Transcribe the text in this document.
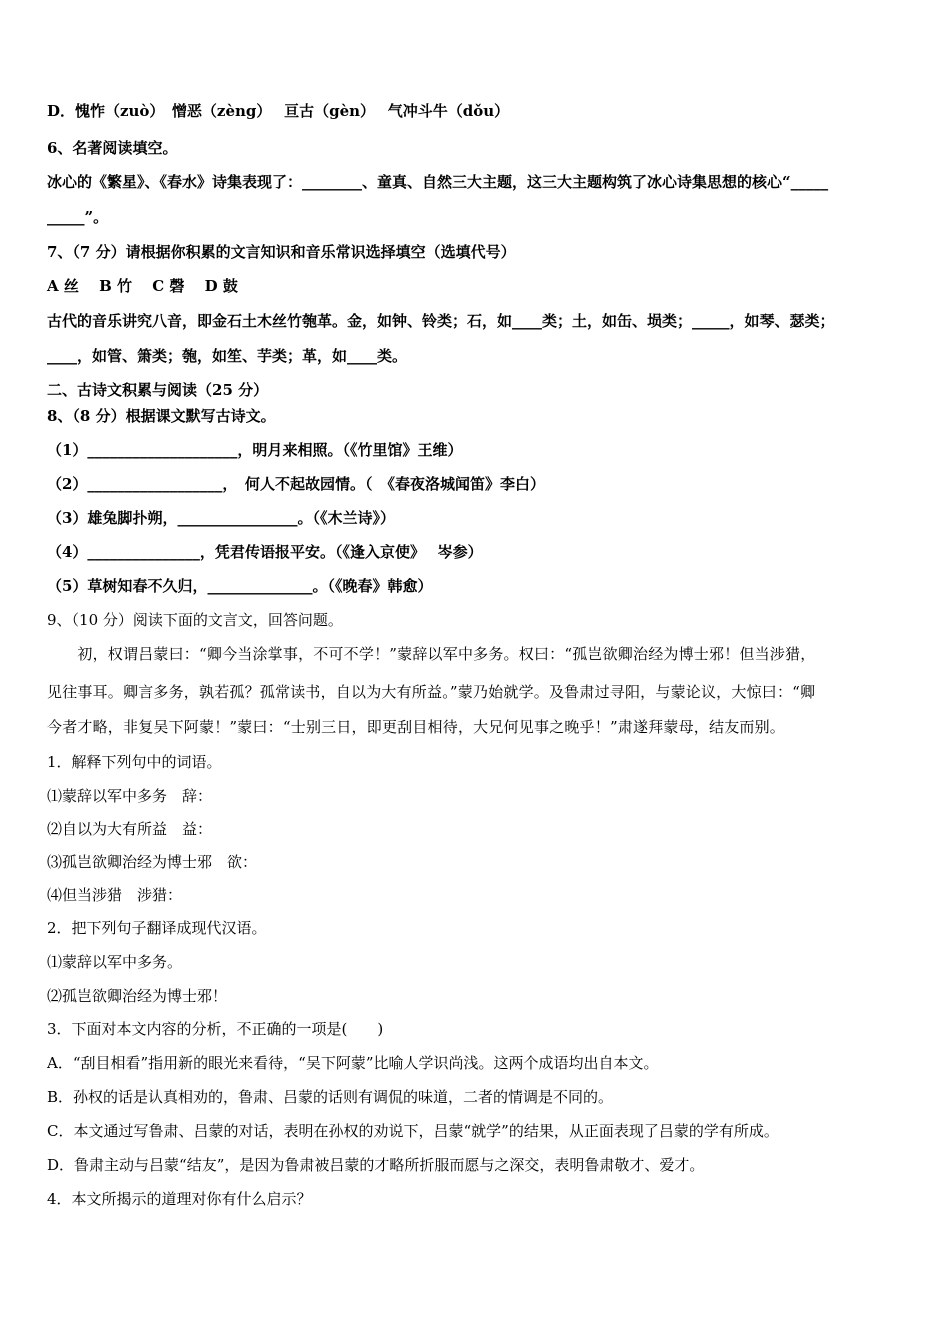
D．愧怍（zuò）　憎恶（zèng）　 亘古（gèn）　 气冲斗牛（dǒu）
6、名著阅读填空。
冰心的《繁星》、《春水》诗集表现了：________、童真、自然三大主题，这三大主题构筑了冰心诗集思想的核心“_____
_____”。
7、（7 分）请根据你积累的文言知识和音乐常识选择填空（选填代号）
A 丝　 B 竹　 C 磬　 D 鼓
古代的音乐讲究八音，即金石土木丝竹匏革。金，如钟、铃类；石，如____类；土，如缶、埙类；_____，如琴、瑟类；
____，如管、箫类；匏，如笙、芋类；革，如____类。
二、古诗文积累与阅读（25 分）
8、（8 分）根据课文默写古诗文。
（1）____________________，明月来相照。（《竹里馆》王维）
（2）__________________，　何人不起故园情。（　《春夜洛城闻笛》李白）
（3）雄兔脚扑朔，________________。（《木兰诗》）
（4）_______________，凭君传语报平安。（《逢入京使》　 岑参）
（5）草树知春不久归，______________。（《晚春》韩愈）
9、（10 分）阅读下面的文言文，回答问题。
　　初，权谓吕蒙曰：“卿今当涂掌事，不可不学！”蒙辞以军中多务。权曰：“孤岂欲卿治经为博士邪！但当涉猎，
见往事耳。卿言多务，孰若孤？孤常读书，自以为大有所益。”蒙乃始就学。及鲁肃过寻阳，与蒙论议，大惊曰：“卿
今者才略，非复吴下阿蒙！”蒙曰：“士别三日，即更刮目相待，大兄何见事之晚乎！”肃遂拜蒙母，结友而别。
1．解释下列句中的词语。
⑴蒙辞以军中多务　辞：
⑵自以为大有所益　益：
⑶孤岂欲卿治经为博士邪　欲：
⑷但当涉猎　涉猎：
2．把下列句子翻译成现代汉语。
⑴蒙辞以军中多务。
⑵孤岂欲卿治经为博士邪！
3．下面对本文内容的分析，不正确的一项是(　　)
A．“刮目相看”指用新的眼光来看待，“吴下阿蒙”比喻人学识尚浅。这两个成语均出自本文。
B．孙权的话是认真相劝的，鲁肃、吕蒙的话则有调侃的味道，二者的情调是不同的。
C．本文通过写鲁肃、吕蒙的对话，表明在孙权的劝说下，吕蒙“就学”的结果，从正面表现了吕蒙的学有所成。
D．鲁肃主动与吕蒙“结友”，是因为鲁肃被吕蒙的才略所折服而愿与之深交，表明鲁肃敬才、爱才。
4．本文所揭示的道理对你有什么启示？
